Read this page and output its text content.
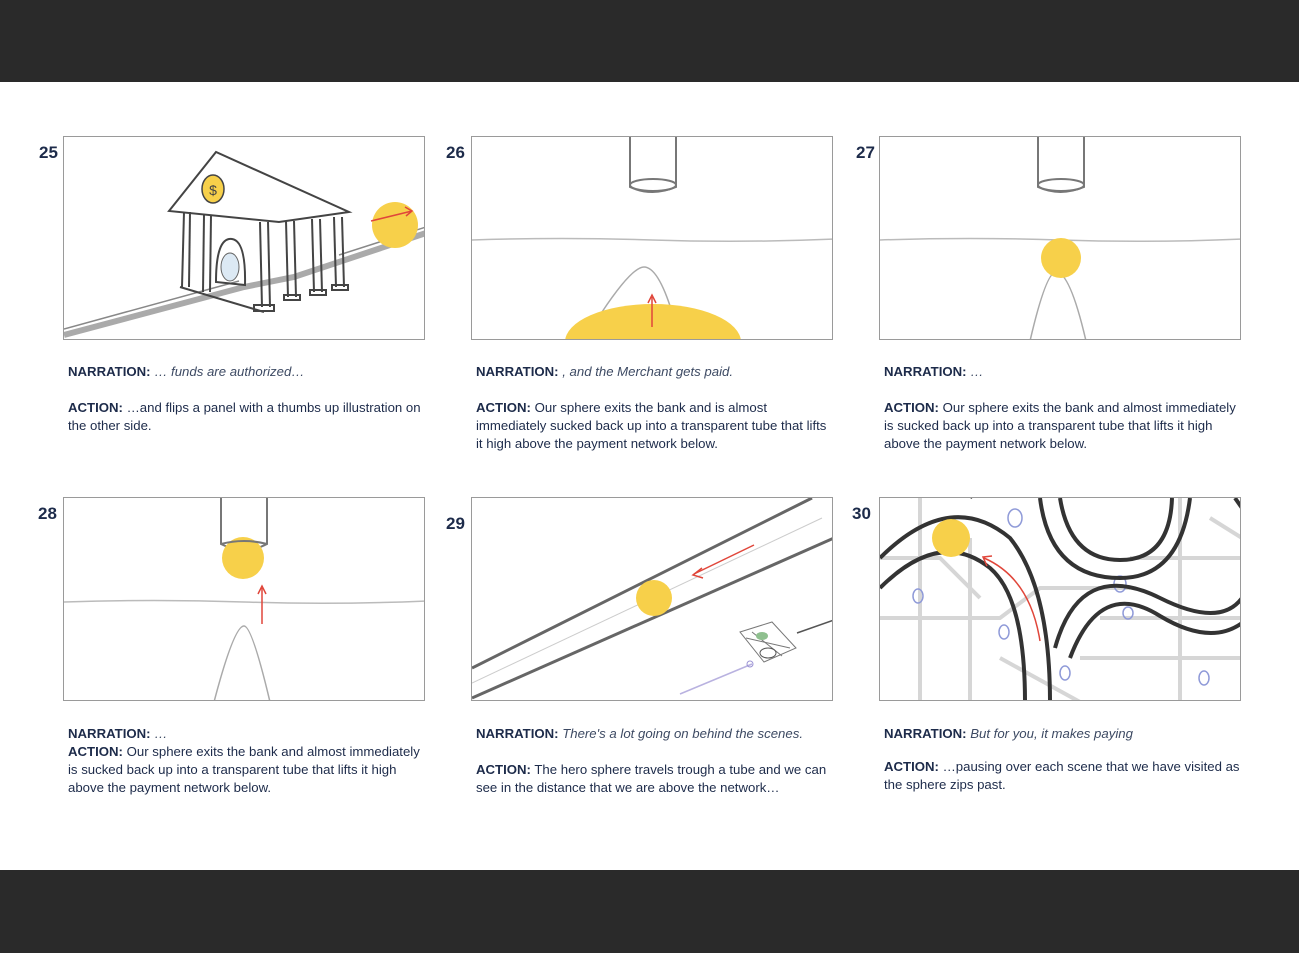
25
$

NARRATION: … funds are authorized…

ACTION: …and flips a panel with a thumbs up illustration on the other side.

26

NARRATION: , and the Merchant gets paid.

ACTION: Our sphere exits the bank and is almost immediately sucked back up into a transparent tube that lifts it high above the payment network below.

27

NARRATION: …

ACTION: Our sphere exits the bank and almost immediately is sucked back up into a transparent tube that lifts it high above the payment network below.

28

NARRATION: …

ACTION: Our sphere exits the bank and almost immediately is sucked back up into a transparent tube that lifts it high above the payment network below.

29

NARRATION: There's a lot going on behind the scenes.

ACTION: The hero sphere travels trough a tube and we can see in the distance that we are above the network…

30

NARRATION: But for you, it makes paying

ACTION: …pausing over each scene that we have visited as the sphere zips past.
